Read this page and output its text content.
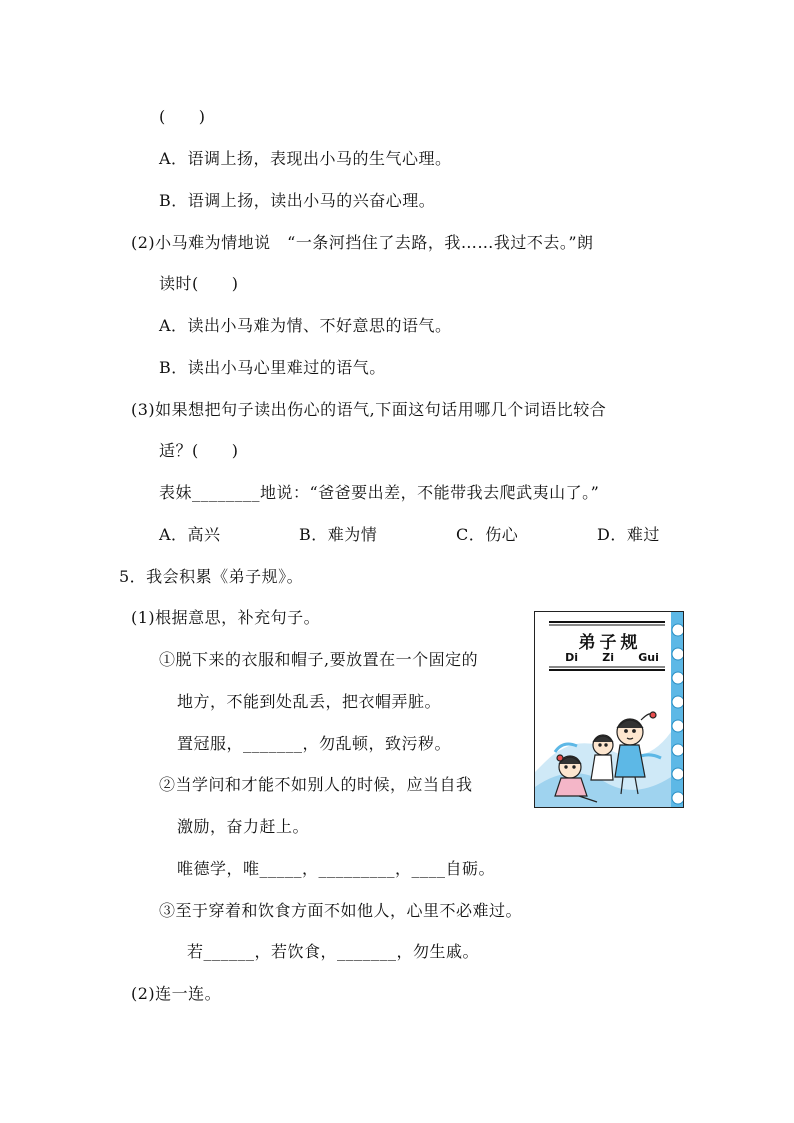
(　　)
A．语调上扬，表现出小马的生气心理。
B．语调上扬，读出小马的兴奋心理。
(2)小马难为情地说　“一条河挡住了去路，我……我过不去。”朗
读时(　　)
A．读出小马难为情、不好意思的语气。
B．读出小马心里难过的语气。
(3)如果想把句子读出伤心的语气,下面这句话用哪几个词语比较合
适？(　　)
表妹________地说：“爸爸要出差，不能带我去爬武夷山了。”
A．高兴	B．难为情	C．伤心	D．难过
5．我会积累《弟子规》。
(1)根据意思，补充句子。
①脱下来的衣服和帽子,要放置在一个固定的
地方，不能到处乱丢，把衣帽弄脏。
置冠服，_______，勿乱顿，致污秽。
②当学问和才能不如别人的时候，应当自我
激励，奋力赶上。
唯德学，唯_____，_________，____自砺。
③至于穿着和饮食方面不如他人，心里不必难过。
若______，若饮食，_______，勿生戚。
(2)连一连。
弟子规
Di Zi Gui
